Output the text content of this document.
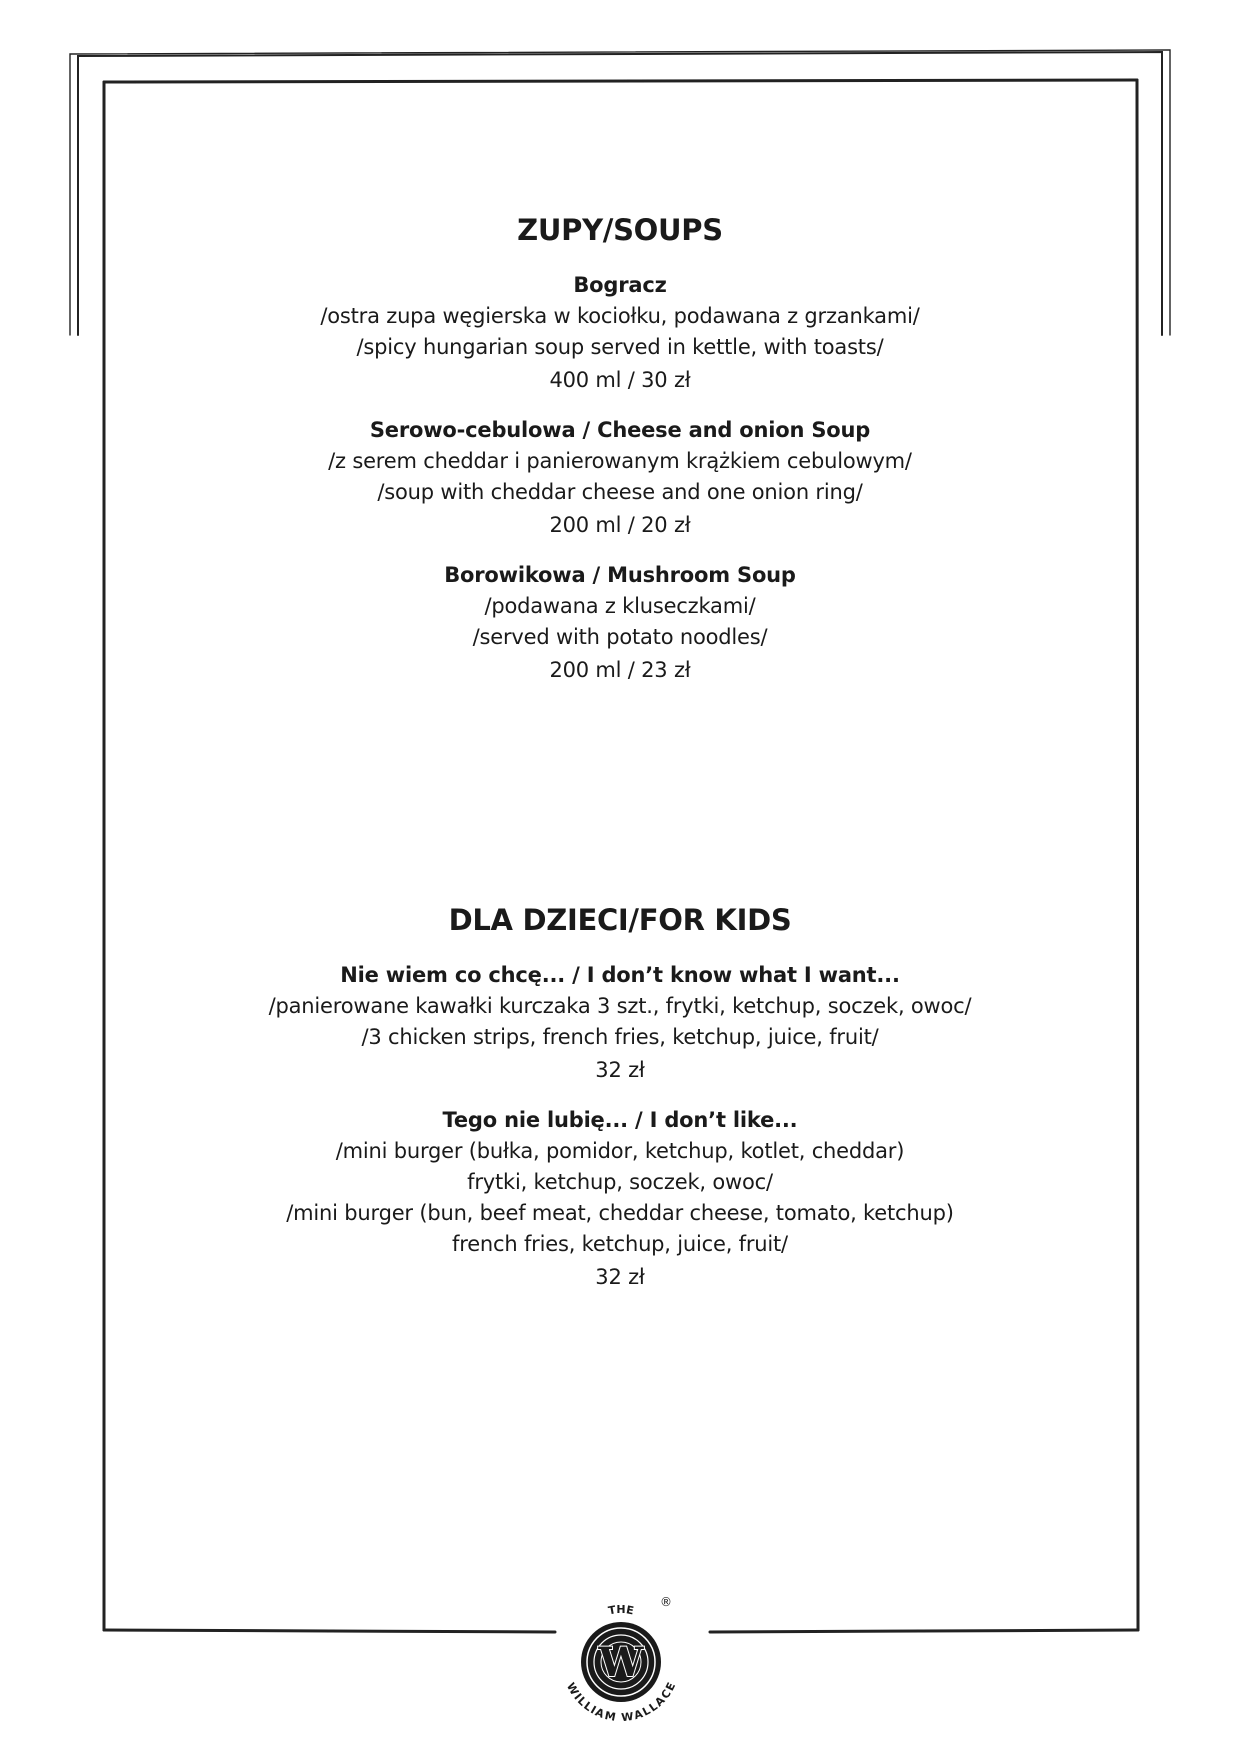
ZUPY/SOUPS
Bogracz
/ostra zupa węgierska w kociołku, podawana z grzankami/
/spicy hungarian soup served in kettle, with toasts/
400 ml / 30 zł
Serowo-cebulowa / Cheese and onion Soup
/z serem cheddar i panierowanym krążkiem cebulowym/
/soup with cheddar cheese and one onion ring/
200 ml / 20 zł
Borowikowa / Mushroom Soup
/podawana z kluseczkami/
/served with potato noodles/
200 ml / 23 zł
DLA DZIECI/FOR KIDS
Nie wiem co chcę... / I don’t know what I want...
/panierowane kawałki kurczaka 3 szt., frytki, ketchup, soczek, owoc/
/3 chicken strips, french fries, ketchup, juice, fruit/
32 zł
Tego nie lubię... / I don’t like...
/mini burger (bułka, pomidor, ketchup, kotlet, cheddar)
frytki, ketchup, soczek, owoc/
/mini burger (bun, beef meat, cheddar cheese, tomato, ketchup)
french fries, ketchup, juice, fruit/
32 zł
W
THE
WILLIAM WALLACE
®
